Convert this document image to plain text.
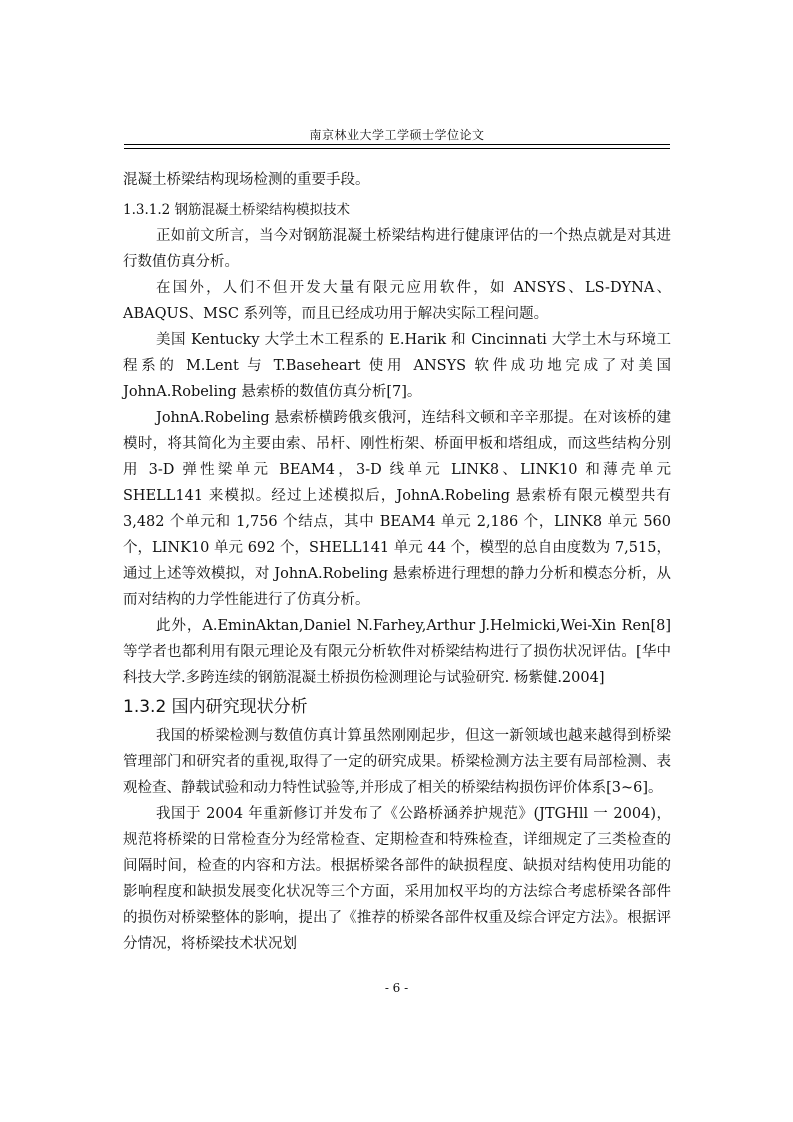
南京林业大学工学硕士学位论文

混凝土桥梁结构现场检测的重要手段。

1.3.1.2 钢筋混凝土桥梁结构模拟技术

正如前文所言，当今对钢筋混凝土桥梁结构进行健康评估的一个热点就是对其进行数值仿真分析。

在国外，人们不但开发大量有限元应用软件，如 ANSYS、LS-DYNA、ABAQUS、MSC 系列等，而且已经成功用于解决实际工程问题。

美国 Kentucky 大学土木工程系的 E.Harik 和 Cincinnati 大学土木与环境工程系的 M.Lent 与 T.Baseheart 使用 ANSYS 软件成功地完成了对美国 JohnA.Robeling 悬索桥的数值仿真分析[7]。

JohnA.Robeling 悬索桥横跨俄亥俄河，连结科文顿和辛辛那提。在对该桥的建模时，将其简化为主要由索、吊杆、刚性桁架、桥面甲板和塔组成，而这些结构分别用 3-D 弹性梁单元 BEAM4，3-D 线单元 LINK8、LINK10 和薄壳单元 SHELL141 来模拟。经过上述模拟后，JohnA.Robeling 悬索桥有限元模型共有 3,482 个单元和 1,756 个结点，其中 BEAM4 单元 2,186 个，LINK8 单元 560 个，LINK10 单元 692 个，SHELL141 单元 44 个，模型的总自由度数为 7,515，通过上述等效模拟，对 JohnA.Robeling 悬索桥进行理想的静力分析和模态分析，从而对结构的力学性能进行了仿真分析。

此外，A.EminAktan,Daniel N.Farhey,Arthur J.Helmicki,Wei-Xin Ren[8]等学者也都利用有限元理论及有限元分析软件对桥梁结构进行了损伤状况评估。[华中科技大学.多跨连续的钢筋混凝土桥损伤检测理论与试验研究. 杨紫健.2004]

1.3.2 国内研究现状分析

我国的桥梁检测与数值仿真计算虽然刚刚起步，但这一新领域也越来越得到桥梁管理部门和研究者的重视,取得了一定的研究成果。桥梁检测方法主要有局部检测、表观检查、静载试验和动力特性试验等,并形成了相关的桥梁结构损伤评价体系[3~6]。

我国于 2004 年重新修订并发布了《公路桥涵养护规范》(JTGHll 一 2004)，规范将桥梁的日常检查分为经常检查、定期检查和特殊检查，详细规定了三类检查的间隔时间，检查的内容和方法。根据桥梁各部件的缺损程度、缺损对结构使用功能的影响程度和缺损发展变化状况等三个方面，采用加权平均的方法综合考虑桥梁各部件的损伤对桥梁整体的影响，提出了《推荐的桥梁各部件权重及综合评定方法》。根据评分情况，将桥梁技术状况划

- 6 -
